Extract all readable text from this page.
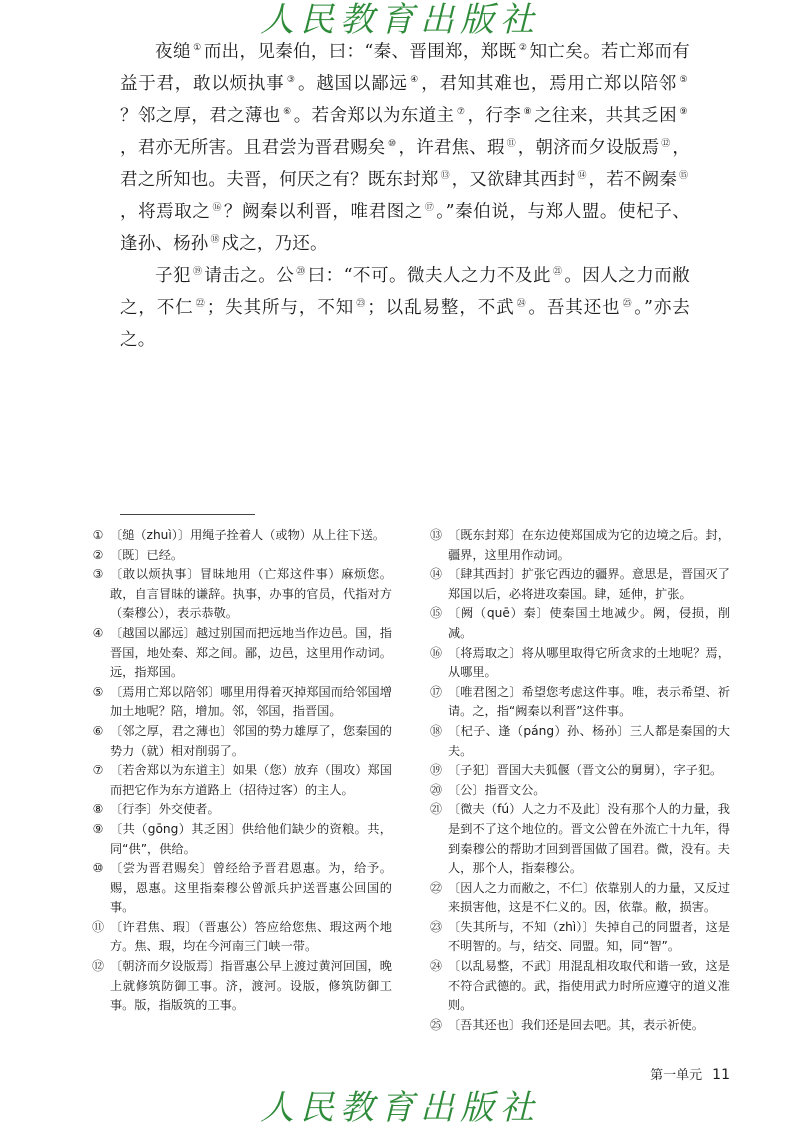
人民教育出版社

夜缒 ① 而出，见秦伯，曰：“秦、晋围郑，郑既 ② 知亡矣。若亡郑而有益于君，敢以烦执事 ③ 。越国以鄙远 ④ ，君知其难也，焉用亡郑以陪邻 ⑤？邻之厚，君之薄也 ⑥ 。若舍郑以为东道主 ⑦ ，行李 ⑧ 之往来，共其乏困 ⑨，君亦无所害。且君尝为晋君赐矣 ⑩ ，许君焦、瑕 ⑪ ，朝济而夕设版焉 ⑫ ，君之所知也。夫晋，何厌之有？既东封郑 ⑬ ，又欲肆其西封 ⑭ ，若不阙秦 ⑮，将焉取之 ⑯ ？阙秦以利晋，唯君图之 ⑰ 。”秦伯说，与郑人盟。使杞子、逢孙、杨孙 ⑱ 戍之，乃还。

子犯 ⑲ 请击之。公 ⑳ 曰：“不可。微夫人之力不及此 ㉑ 。因人之力而敝之，不仁 ㉒ ；失其所与，不知 ㉓ ；以乱易整，不武 ㉔ 。吾其还也 ㉕ 。”亦去之。

① 〔缒（zhuì）〕用绳子拴着人（或物）从上往下送。
② 〔既〕已经。
③ 〔敢以烦执事〕冒昧地用（亡郑这件事）麻烦您。敢，自言冒昧的谦辞。执事，办事的官员，代指对方（秦穆公），表示恭敬。
④ 〔越国以鄙远〕越过别国而把远地当作边邑。国，指晋国，地处秦、郑之间。鄙，边邑，这里用作动词。远，指郑国。
⑤ 〔焉用亡郑以陪邻〕哪里用得着灭掉郑国而给邻国增加土地呢？陪，增加。邻，邻国，指晋国。
⑥ 〔邻之厚，君之薄也〕邻国的势力雄厚了，您秦国的势力（就）相对削弱了。
⑦ 〔若舍郑以为东道主〕如果（您）放弃（围攻）郑国而把它作为东方道路上（招待过客）的主人。
⑧ 〔行李〕外交使者。
⑨ 〔共（gōng）其乏困〕供给他们缺少的资粮。共，同“供”，供给。
⑩ 〔尝为晋君赐矣〕曾经给予晋君恩惠。为，给予。赐，恩惠。这里指秦穆公曾派兵护送晋惠公回国的事。
⑪ 〔许君焦、瑕〕（晋惠公）答应给您焦、瑕这两个地方。焦、瑕，均在今河南三门峡一带。
⑫ 〔朝济而夕设版焉〕指晋惠公早上渡过黄河回国，晚上就修筑防御工事。济，渡河。设版，修筑防御工事。版，指版筑的工事。
⑬ 〔既东封郑〕在东边使郑国成为它的边境之后。封，疆界，这里用作动词。
⑭ 〔肆其西封〕扩张它西边的疆界。意思是，晋国灭了郑国以后，必将进攻秦国。肆，延伸，扩张。
⑮ 〔阙（quē）秦〕使秦国土地减少。阙，侵损，削减。
⑯ 〔将焉取之〕将从哪里取得它所贪求的土地呢？焉，从哪里。
⑰ 〔唯君图之〕希望您考虑这件事。唯，表示希望、祈请。之，指“阙秦以利晋”这件事。
⑱ 〔杞子、逢（páng）孙、杨孙〕三人都是秦国的大夫。
⑲ 〔子犯〕晋国大夫狐偃（晋文公的舅舅），字子犯。
⑳ 〔公〕指晋文公。
㉑ 〔微夫（fú）人之力不及此〕没有那个人的力量，我是到不了这个地位的。晋文公曾在外流亡十九年，得到秦穆公的帮助才回到晋国做了国君。微，没有。夫人，那个人，指秦穆公。
㉒ 〔因人之力而敝之，不仁〕依靠别人的力量，又反过来损害他，这是不仁义的。因，依靠。敝，损害。
㉓ 〔失其所与，不知（zhì）〕失掉自己的同盟者，这是不明智的。与，结交、同盟。知，同“智”。
㉔ 〔以乱易整，不武〕用混乱相攻取代和谐一致，这是不符合武德的。武，指使用武力时所应遵守的道义准则。
㉕ 〔吾其还也〕我们还是回去吧。其，表示祈使。
第一单元 11
人民教育出版社
